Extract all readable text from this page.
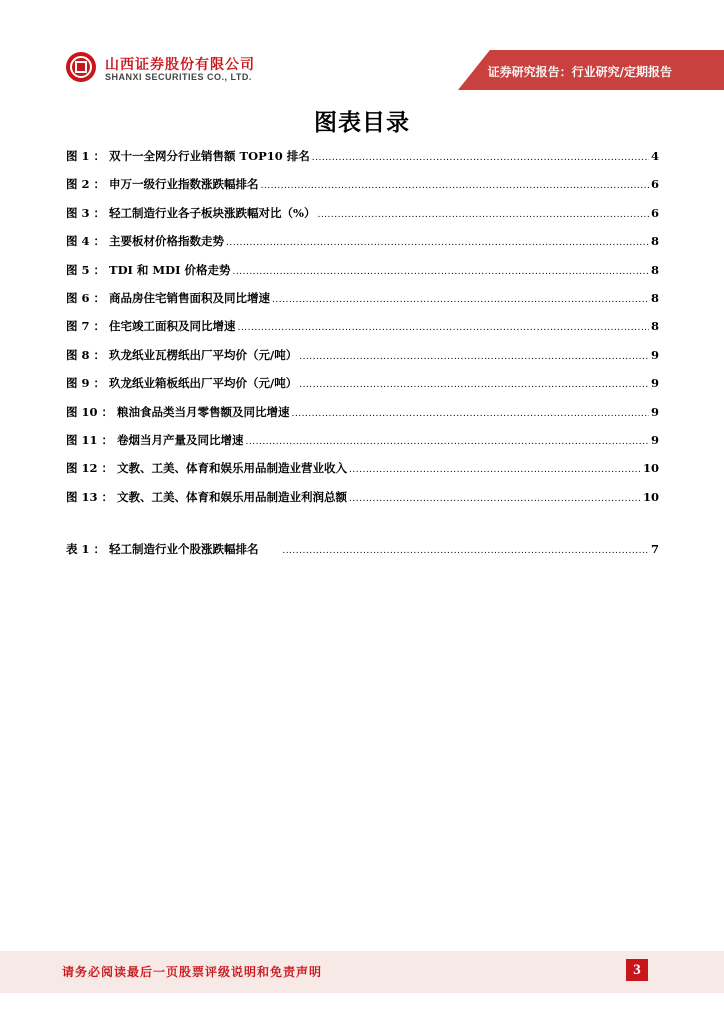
山西证券股份有限公司
SHANXI SECURITIES CO., LTD.	证券研究报告：行业研究/定期报告
图表目录
图 1 ： 双十一全网分行业销售额 TOP10 排名 .....	4
图 2 ： 申万一级行业指数涨跌幅排名 .....	6
图 3 ： 轻工制造行业各子板块涨跌幅对比（%） .....	6
图 4 ： 主要板材价格指数走势 .....	8
图 5 ： TDI 和 MDI 价格走势 .....	8
图 6 ： 商品房住宅销售面积及同比增速 .....	8
图 7 ： 住宅竣工面积及同比增速 .....	8
图 8 ： 玖龙纸业瓦楞纸出厂平均价（元/吨） .....	9
图 9 ： 玖龙纸业箱板纸出厂平均价（元/吨） .....	9
图 10 ： 粮油食品类当月零售额及同比增速 .....	9
图 11 ： 卷烟当月产量及同比增速 .....	9
图 12 ： 文教、工美、体育和娱乐用品制造业营业收入 .....	10
图 13 ： 文教、工美、体育和娱乐用品制造业利润总额 .....	10
表 1 ： 轻工制造行业个股涨跌幅排名 .....	7
请务必阅读最后一页股票评级说明和免责声明	3
